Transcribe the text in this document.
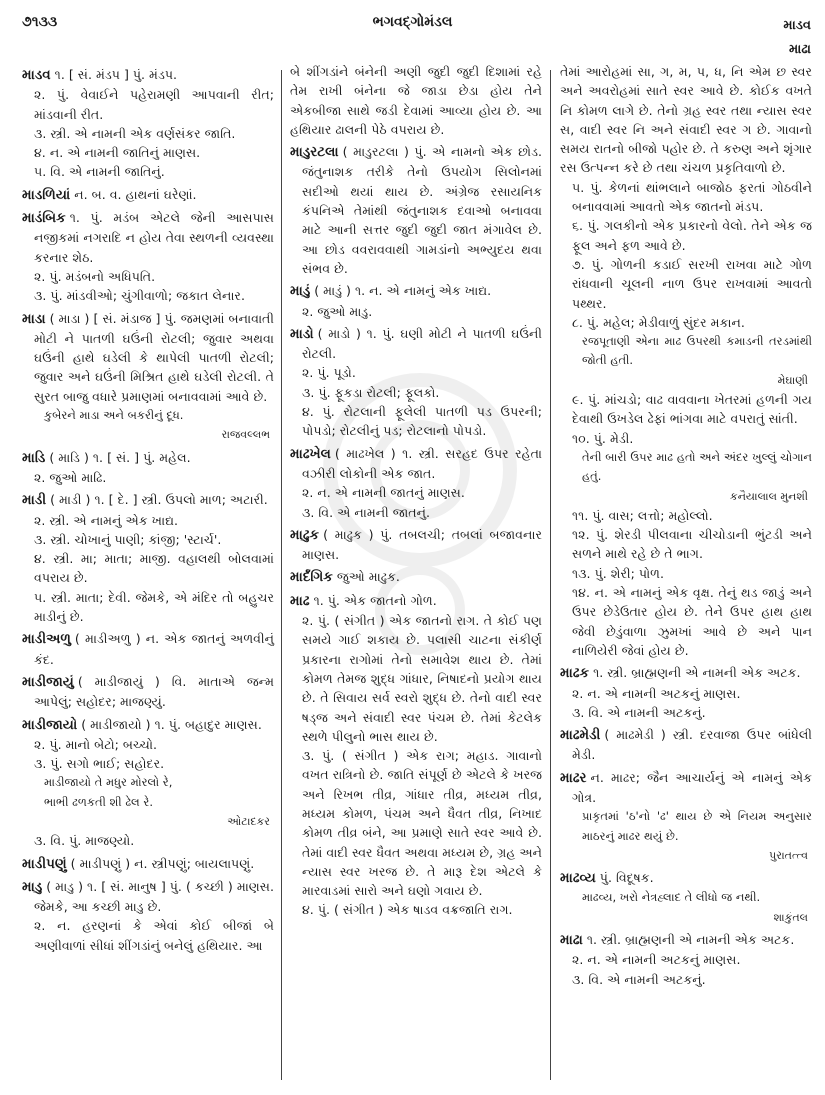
૭૧૩૩	ભગવદ્ગોમંડલ	માડવ
માઢા
માડવ ૧. [ સં. મંડપ ] પું. મંડપ.
૨. પું. વેવાઈને પહેરામણી આપવાની રીત; માંડવાની રીત.
૩. સ્ત્રી. એ નામની એક વર્ણસંકર જાતિ.
૪. ન. એ નામની જાતિનું માણસ.
૫. વિ. એ નામની જાતિનું.
માડળિયાં ન. બ. વ. હાથનાં ઘરેણાં.
માડંબિક ૧. પું. મડંબ એટલે જેની આસપાસ નજીકમાં નગરાદિ ન હોય તેવા સ્થળની વ્યવસ્થા કરનાર શેઠ.
૨. પું. મડંબનો અધિપતિ.
૩. પું. માંડવીઓ; ચુંગીવાળો; જકાત લેનાર.
માડા ( માડા ) [ સં. મંડાજ ] પું. જમણમાં બનાવાતી મોટી ને પાતળી ઘઉંની રોટલી; જુવાર અથવા ઘઉંની હાથે ઘડેલી કે થાપેલી પાતળી રોટલી; જુવાર અને ઘઉંની મિશ્રિત હાથે ઘડેલી રોટલી. તે સુરત બાજુ વધારે પ્રમાણમાં બનાવવામાં આવે છે.
કુબેરને માડા અને બકરીનું દૂધ.
રાજવલ્લભ
માડિ ( માડિ ) ૧. [ સં. ] પું. મહેલ.
૨. જુઓ માઢિ.
માડી ( માડી ) ૧. [ દે. ] સ્ત્રી. ઉપલો માળ; અટારી.
૨. સ્ત્રી. એ નામનું એક ખાદ્ય.
૩. સ્ત્રી. ચોખાનું પાણી; કાંજી; 'સ્ટાર્ચ'.
૪. સ્ત્રી. મા; માતા; માજી. વહાલથી બોલવામાં વપરાય છે.
૫. સ્ત્રી. માતા; દેવી. જેમકે, એ મંદિર તો બહુચર માડીનું છે.
માડીઅળુ ( માડીઅળુ ) ન. એક જાતનું અળવીનું કંદ.
માડીજાયું ( માડીજાયું ) વિ. માતાએ જન્મ આપેલું; સહોદર; માજણ્યું.
માડીજાયો ( માડીજાયો ) ૧. પું. બહાદુર માણસ.
૨. પું. માનો બેટો; બચ્ચો.
૩. પું. સગો ભાઈ; સહોદર.
માડીજાયો તે મધુર મોરલો રે,
ભાભી ઢળકતી શી ઢેલ રે.
ઓટાદકર
૩. વિ. પું. માજણ્યો.
માડીપણું ( માડીપણું ) ન. સ્ત્રીપણું; બાયલાપણું.
માડુ ( માડુ ) ૧. [ સં. માનુષ ] પું. ( કચ્છી ) માણસ. જેમકે, આ કચ્છી માડુ છે.
૨. ન. હરણનાં કે એવાં કોઈ બીજાં બે અણીવાળાં સીધાં શીંગડાંનું બનેલું હથિયાર. આ
બે શીંગડાંને બંનેની અણી જુદી જુદી દિશામાં રહે તેમ રાખી બંનેના જે જાડા છેડા હોય તેને એકબીજા સાથે જડી દેવામાં આવ્યા હોય છે. આ હથિયાર ઢાલની પેઠે વપરાય છે.
માડુરટલા ( માડુરટલા ) પું. એ નામનો એક છોડ. જંતુનાશક તરીકે તેનો ઉપયોગ સિલોનમાં સદીઓ થયાં થાય છે. અંગ્રેજ રસાયનિક કંપનિએ તેમાંથી જંતુનાશક દવાઓ બનાવવા માટે આની સત્તર જુદી જુદી જાત મંગાવેલ છે. આ છોડ વવરાવવાથી ગામડાંનો અભ્યુદય થવા સંભવ છે.
માડું ( માડું ) ૧. ન. એ નામનું એક ખાદ્ય.
૨. જુઓ માડુ.
માડો ( માડો ) ૧. પું. ઘણી મોટી ને પાતળી ઘઉંની રોટલી.
૨. પું. પૂડો.
૩. પું. ફૂકડા રોટલી; ફૂલકો.
૪. પું. રોટલાની ફૂલેલી પાતળી પડ ઉપરની; પોપડો; રોટલીનું પડ; રોટલાનો પોપડો.
માઢખેલ ( માઢખેલ ) ૧. સ્ત્રી. સરહદ ઉપર રહેતા વઝીરી લોકોની એક જાત.
૨. ન. એ નામની જાતનું માણસ.
૩. વિ. એ નામની જાતનું.
માઢુક ( માઢુક ) પું. તબલચી; તબલાં બજાવનાર માણસ.
માર્દંગિક જુઓ માઢુક.
માઢ ૧. પું. એક જાતનો ગોળ.
૨. પું. ( સંગીત ) એક જાતનો રાગ. તે કોઈ પણ સમયે ગાઈ શકાય છે. પલાસી ચાટના સંકીર્ણ પ્રકારના રાગોમાં તેનો સમાવેશ થાય છે. તેમાં કોમળ તેમજ શુદ્ધ ગાંધાર, નિષાદનો પ્રયોગ થાય છે. તે સિવાય સર્વ સ્વરો શુદ્ધ છે. તેનો વાદી સ્વર ષડ્જ અને સંવાદી સ્વર પંચમ છે. તેમાં કેટલેક સ્થળે પીલુનો ભાસ થાય છે.
૩. પું. ( સંગીત ) એક રાગ; મહાડ. ગાવાનો વખત રાત્રિનો છે. જાતિ સંપૂર્ણ છે એટલે કે ખરજ અને રિખભ તીવ્ર, ગાંધાર તીવ્ર, મધ્યમ તીવ્ર, મધ્યમ કોમળ, પંચમ અને ધૈવત તીવ્ર, નિખાદ કોમળ તીવ્ર બંને, આ પ્રમાણે સાતે સ્વર આવે છે. તેમાં વાદી સ્વર ધૈવત અથવા મધ્યમ છે, ગ્રહ અને ન્યાસ સ્વર ખરજ છે. તે મારૂ દેશ એટલે કે મારવાડમાં સારો અને ઘણો ગવાય છે.
૪. પું. ( સંગીત ) એક ષાડવ વક્રજાતિ રાગ.
તેમાં આરોહમાં સા, ગ, મ, પ, ધ, નિ એમ છ સ્વર અને અવરોહમાં સાતે સ્વર આવે છે. કોઈક વખતે નિ કોમળ લાગે છે. તેનો ગ્રહ સ્વર તથા ન્યાસ સ્વર સ, વાદી સ્વર નિ અને સંવાદી સ્વર ગ છે. ગાવાનો સમય રાતનો બીજો પહોર છે. તે કરુણ અને શૃંગાર રસ ઉત્પન્ન કરે છે તથા ચંચળ પ્રકૃતિવાળો છે.
૫. પું. કેળનાં થાંભલાને બાજોઠ ફરતાં ગોઠવીને બનાવવામાં આવતો એક જાતનો મંડપ.
૬. પું. ગલકીનો એક પ્રકારનો વેલો. તેને એક જ ફૂલ અને ફળ આવે છે.
૭. પું. ગોળની કડાઈ સરખી રાખવા માટે ગોળ રાંધવાની ચૂલની નાળ ઉપર રાખવામાં આવતો પથ્થર.
૮. પું. મહેલ; મેડીવાળું સુંદર મકાન.
રજપૂતાણી એના માઢ ઉપરથી કમાડની તરડમાંથી જોતી હતી.
મેઘાણી
૯. પું. માંચડો; વાઢ વાવવાના ખેતરમાં હળની ગય દેવાથી ઉખડેલ ઢેફાં ભાંગવા માટે વપરાતું સાંતી.
૧૦. પું. મેડી.
તેની બારી ઉપર માઢ હતો અને અંદર ખુલ્લું ચોગાન હતું.
કનૈયાલાલ મુનશી
૧૧. પું. વાસ; લત્તો; મહોલ્લો.
૧૨. પું. શેરડી પીલવાના ચીચોડાની ભુંટડી અને સળને માથે રહે છે તે ભાગ.
૧૩. પું. શેરી; પોળ.
૧૪. ન. એ નામનું એક વૃક્ષ. તેનું થડ જાડું અને ઉપર છેડેઉતાર હોય છે. તેને ઉપર હાથ હાથ જેવી છેડુંવાળા ઝુમખાં આવે છે અને પાન નાળિયેરી જેવાં હોય છે.
માઢક ૧. સ્ત્રી. બ્રાહ્મણની એ નામની એક અટક.
૨. ન. એ નામની અટકનું માણસ.
૩. વિ. એ નામની અટકનું.
માઢમેડી ( માઢમેડી ) સ્ત્રી. દરવાજા ઉપર બાંધેલી મેડી.
માઢર ન. માઢર; જૈન આચાર્યનું એ નામનું એક ગોત્ર.
પ્રાકૃતમાં 'ઠ'નો 'ઢ' થાય છે એ નિયમ અનુસાર માઠરનું માઢર થયું છે.
પુરાતત્ત્વ
માઢવ્ય પું. વિદૂષક.
માઢવ્ય, ખરો નેત્રહ્લાદ તે લીધો જ નથી.
શાકુંતલ
માઢા ૧. સ્ત્રી. બ્રાહ્મણની એ નામની એક અટક.
૨. ન. એ નામની અટકનું માણસ.
૩. વિ. એ નામની અટકનું.
